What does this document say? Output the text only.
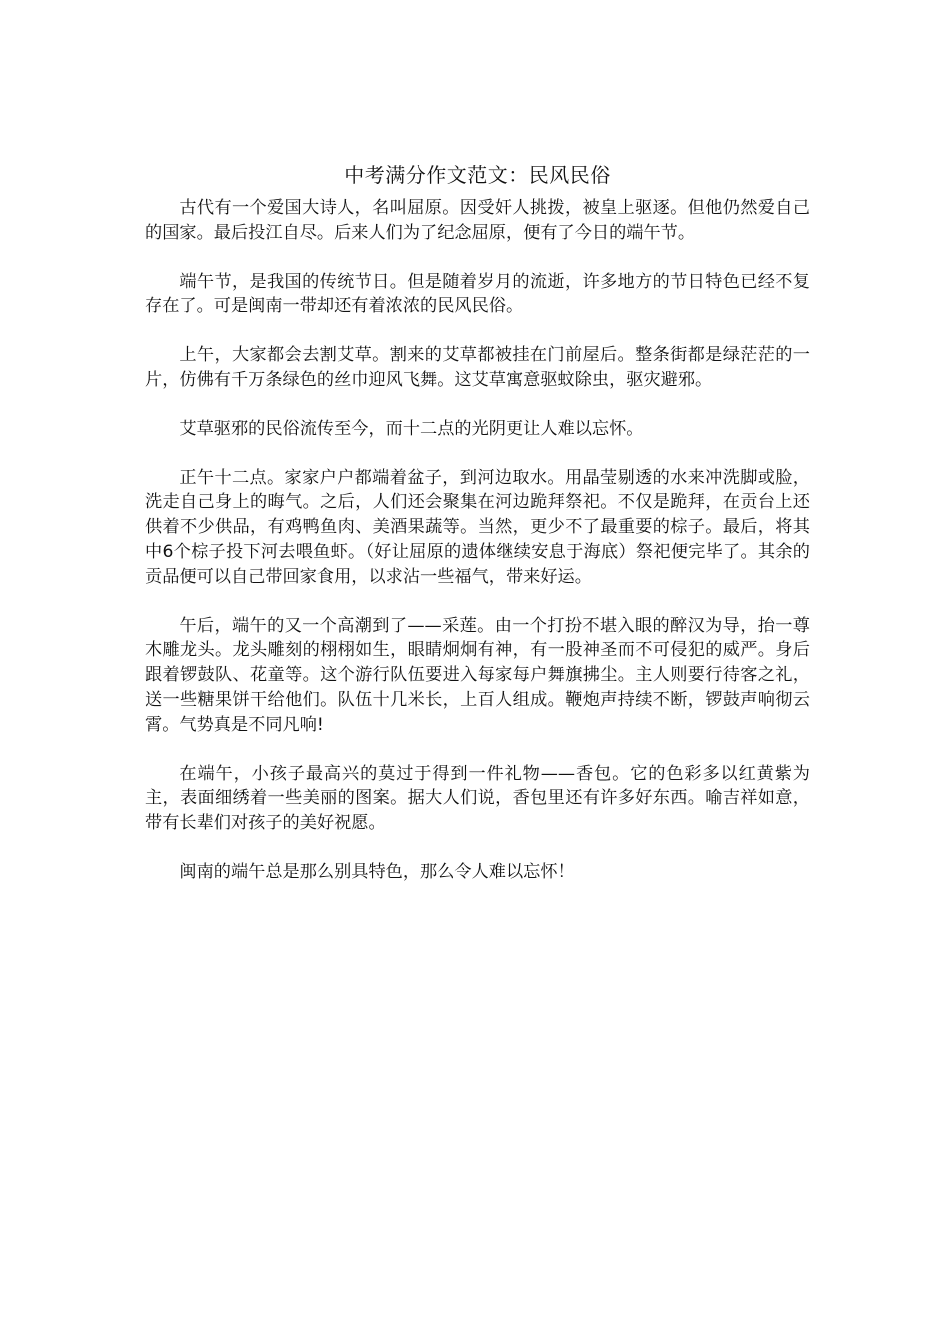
中考满分作文范文：民风民俗

古代有一个爱国大诗人，名叫屈原。因受奸人挑拨，被皇上驱逐。但他仍然爱自己的国家。最后投江自尽。后来人们为了纪念屈原，便有了今日的端午节。

端午节，是我国的传统节日。但是随着岁月的流逝，许多地方的节日特色已经不复存在了。可是闽南一带却还有着浓浓的民风民俗。

上午，大家都会去割艾草。割来的艾草都被挂在门前屋后。整条街都是绿茫茫的一片，仿佛有千万条绿色的丝巾迎风飞舞。这艾草寓意驱蚊除虫，驱灾避邪。

艾草驱邪的民俗流传至今，而十二点的光阴更让人难以忘怀。

正午十二点。家家户户都端着盆子，到河边取水。用晶莹剔透的水来冲洗脚或脸，洗走自己身上的晦气。之后，人们还会聚集在河边跪拜祭祀。不仅是跪拜，在贡台上还供着不少供品，有鸡鸭鱼肉、美酒果蔬等。当然，更少不了最重要的棕子。最后，将其中6个棕子投下河去喂鱼虾。（好让屈原的遗体继续安息于海底）祭祀便完毕了。其余的贡品便可以自己带回家食用，以求沾一些福气，带来好运。

午后，端午的又一个高潮到了——采莲。由一个打扮不堪入眼的醉汉为导，抬一尊木雕龙头。龙头雕刻的栩栩如生，眼睛炯炯有神，有一股神圣而不可侵犯的威严。身后跟着锣鼓队、花童等。这个游行队伍要进入每家每户舞旗拂尘。主人则要行待客之礼，送一些糖果饼干给他们。队伍十几米长，上百人组成。鞭炮声持续不断，锣鼓声响彻云霄。气势真是不同凡响!

在端午，小孩子最高兴的莫过于得到一件礼物——香包。它的色彩多以红黄紫为主，表面细绣着一些美丽的图案。据大人们说，香包里还有许多好东西。喻吉祥如意，带有长辈们对孩子的美好祝愿。

闽南的端午总是那么别具特色，那么令人难以忘怀！
